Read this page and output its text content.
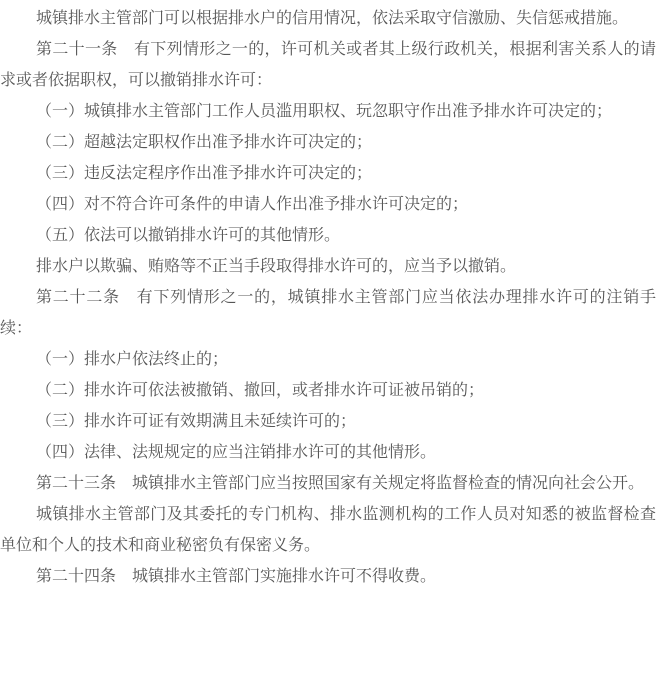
城镇排水主管部门可以根据排水户的信用情况，依法采取守信激励、失信惩戒措施。

第二十一条　有下列情形之一的，许可机关或者其上级行政机关，根据利害关系人的请求或者依据职权，可以撤销排水许可：

（一）城镇排水主管部门工作人员滥用职权、玩忽职守作出准予排水许可决定的；

（二）超越法定职权作出准予排水许可决定的；

（三）违反法定程序作出准予排水许可决定的；

（四）对不符合许可条件的申请人作出准予排水许可决定的；

（五）依法可以撤销排水许可的其他情形。

排水户以欺骗、贿赂等不正当手段取得排水许可的，应当予以撤销。

第二十二条　有下列情形之一的，城镇排水主管部门应当依法办理排水许可的注销手续：

（一）排水户依法终止的；

（二）排水许可依法被撤销、撤回，或者排水许可证被吊销的；

（三）排水许可证有效期满且未延续许可的；

（四）法律、法规规定的应当注销排水许可的其他情形。

第二十三条　城镇排水主管部门应当按照国家有关规定将监督检查的情况向社会公开。

城镇排水主管部门及其委托的专门机构、排水监测机构的工作人员对知悉的被监督检查单位和个人的技术和商业秘密负有保密义务。

第二十四条　城镇排水主管部门实施排水许可不得收费。
